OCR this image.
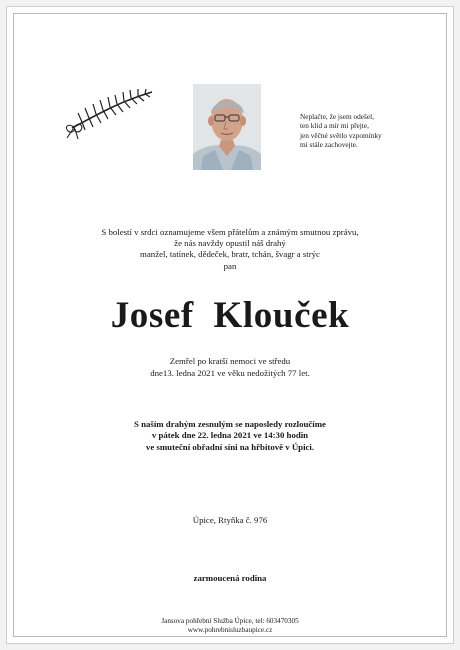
Neplačte, že jsem odešel,
ten klid a mír mi přejte,
jen věčné světlo vzpomínky
mi stále zachovejte.
S bolestí v srdci oznamujeme všem přátelům a známým smutnou zprávu,
že nás navždy opustil náš drahý
manžel, tatínek, dědeček, bratr, tchán, švagr a strýc
pan
Josef  Klouček
Zemřel po kratší nemoci ve středu
dne13. ledna 2021 ve věku nedožitých 77 let.
S naším drahým zesnulým se naposledy rozloučíme
v pátek dne 22. ledna 2021 ve 14:30 hodin
ve smuteční obřadní síni na hřbitově v Úpici.
Úpice, Rtyňka č. 976
zarmoucená rodina
Jansova pohřební Služba Úpice, tel: 603470305
www.pohrebnisluzbaupice.cz
